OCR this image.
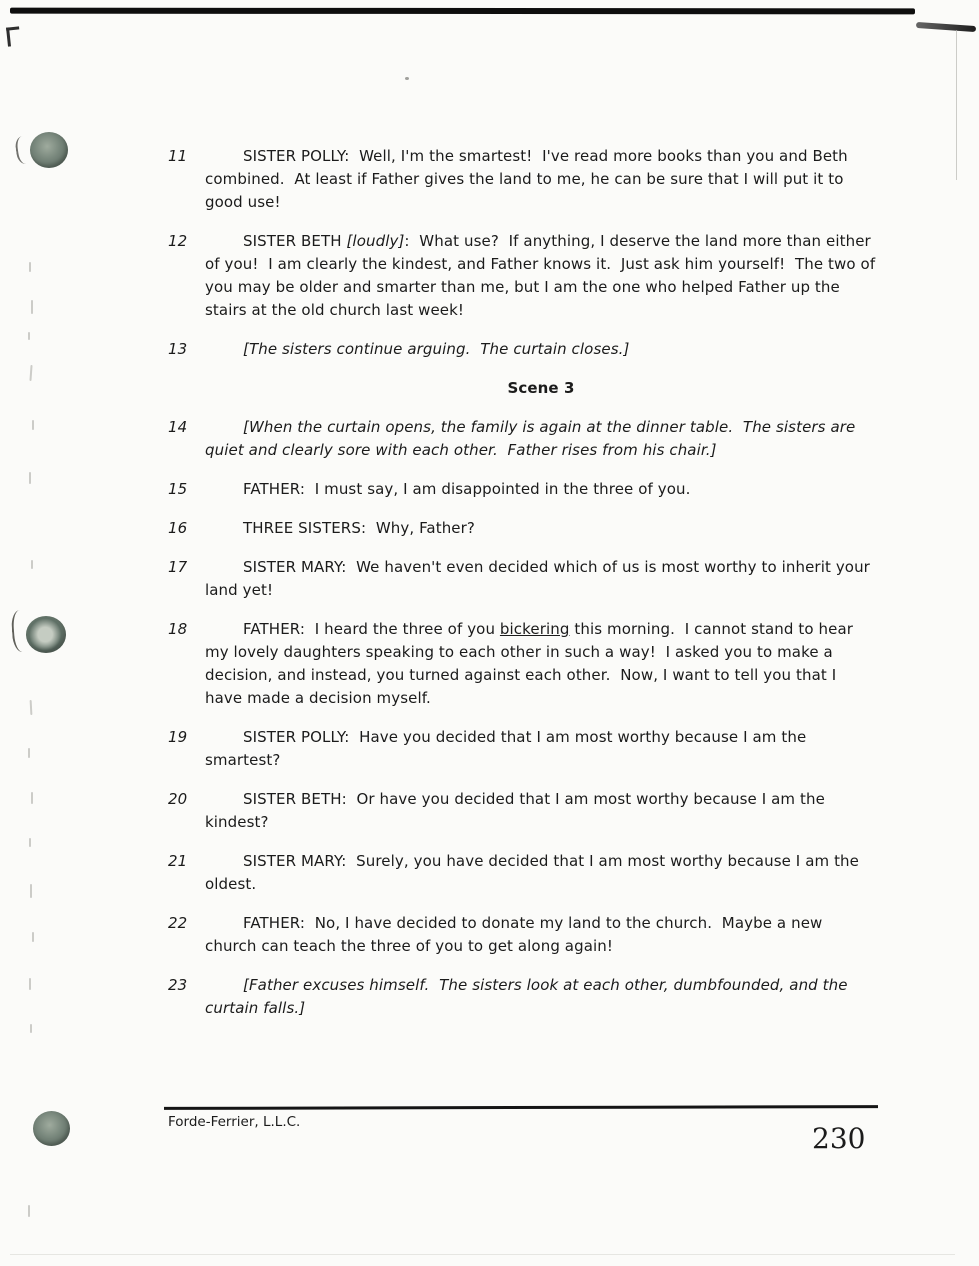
11	SISTER POLLY:  Well, I'm the smartest!  I've read more books than you and Beth combined.  At least if Father gives the land to me, he can be sure that I will put it to good use!
12	SISTER BETH [loudly]:  What use?  If anything, I deserve the land more than either of you!  I am clearly the kindest, and Father knows it.  Just ask him yourself!  The two of you may be older and smarter than me, but I am the one who helped Father up the stairs at the old church last week!
13	[The sisters continue arguing.  The curtain closes.]
Scene 3
14	[When the curtain opens, the family is again at the dinner table.  The sisters are quiet and clearly sore with each other.  Father rises from his chair.]
15	FATHER:  I must say, I am disappointed in the three of you.
16	THREE SISTERS:  Why, Father?
17	SISTER MARY:  We haven't even decided which of us is most worthy to inherit your land yet!
18	FATHER:  I heard the three of you bickering this morning.  I cannot stand to hear my lovely daughters speaking to each other in such a way!  I asked you to make a decision, and instead, you turned against each other.  Now, I want to tell you that I have made a decision myself.
19	SISTER POLLY:  Have you decided that I am most worthy because I am the smartest?
20	SISTER BETH:  Or have you decided that I am most worthy because I am the kindest?
21	SISTER MARY:  Surely, you have decided that I am most worthy because I am the oldest.
22	FATHER:  No, I have decided to donate my land to the church.  Maybe a new church can teach the three of you to get along again!
23	[Father excuses himself.  The sisters look at each other, dumbfounded, and the curtain falls.]
Forde-Ferrier, L.L.C.	230
